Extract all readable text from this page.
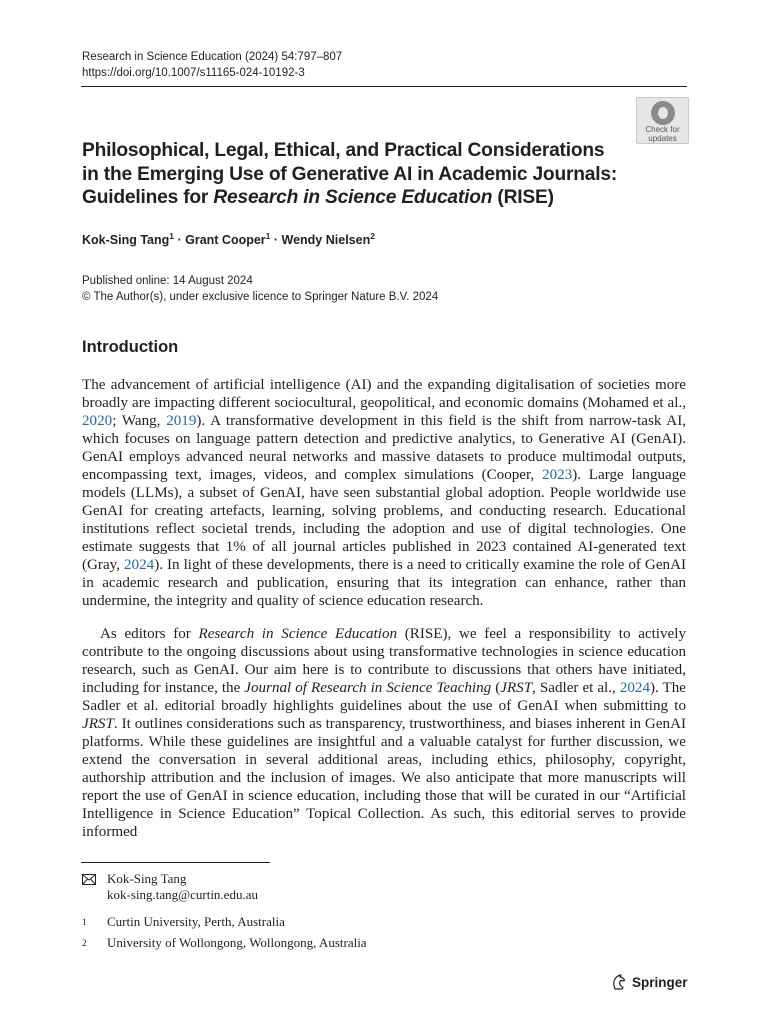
Research in Science Education (2024) 54:797–807
https://doi.org/10.1007/s11165-024-10192-3
Check for
updates
Philosophical, Legal, Ethical, and Practical Considerations
in the Emerging Use of Generative AI in Academic Journals:
Guidelines for Research in Science Education (RISE)
Kok-Sing Tang$^1$ · Grant Cooper$^1$ · Wendy Nielsen$^2$
Published online: 14 August 2024
© The Author(s), under exclusive licence to Springer Nature B.V. 2024
Introduction

The advancement of artificial intelligence (AI) and the expanding digitalisation of societies more broadly are impacting different sociocultural, geopolitical, and economic domains (Mohamed et al., 2020; Wang, 2019). A transformative development in this field is the shift from narrow-task AI, which focuses on language pattern detection and predictive analytics, to Generative AI (GenAI). GenAI employs advanced neural networks and massive datasets to produce multimodal outputs, encompassing text, images, videos, and complex simulations (Cooper, 2023). Large language models (LLMs), a subset of GenAI, have seen substantial global adoption. People worldwide use GenAI for creating artefacts, learning, solving problems, and conducting research. Educational institutions reflect societal trends, including the adoption and use of digital technologies. One estimate suggests that 1% of all journal articles published in 2023 contained AI-generated text (Gray, 2024). In light of these developments, there is a need to critically examine the role of GenAI in academic research and publication, ensuring that its integration can enhance, rather than undermine, the integrity and quality of science education research.

As editors for Research in Science Education (RISE), we feel a responsibility to actively contribute to the ongoing discussions about using transformative technologies in science education research, such as GenAI. Our aim here is to contribute to discussions that others have initiated, including for instance, the Journal of Research in Science Teaching (JRST, Sadler et al., 2024). The Sadler et al. editorial broadly highlights guidelines about the use of GenAI when submitting to JRST. It outlines considerations such as transparency, trustworthiness, and biases inherent in GenAI platforms. While these guidelines are insightful and a valuable catalyst for further discussion, we extend the conversation in several additional areas, including ethics, philosophy, copyright, authorship attribution and the inclusion of images. We also anticipate that more manuscripts will report the use of GenAI in science education, including those that will be curated in our “Artificial Intelligence in Science Education” Topical Collection. As such, this editorial serves to provide informed

Kok-Sing Tang
kok-sing.tang@curtin.edu.au
1 Curtin University, Perth, Australia
2 University of Wollongong, Wollongong, Australia
Springer
